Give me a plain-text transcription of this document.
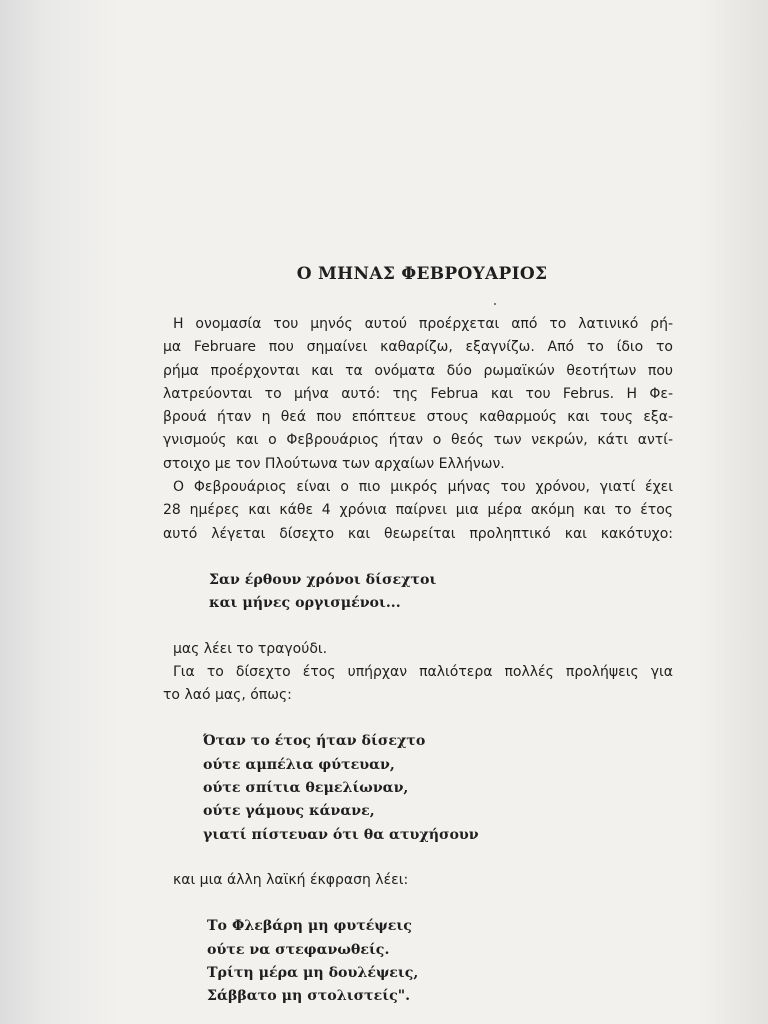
Ο ΜΗΝΑΣ ΦΕΒΡΟΥΑΡΙΟΣ

Η ονομασία του μηνός αυτού προέρχεται από το λατινικό ρή-
μα Februare που σημαίνει καθαρίζω, εξαγνίζω. Από το ίδιο το
ρήμα προέρχονται και τα ονόματα δύο ρωμαϊκών θεοτήτων που
λατρεύονται το μήνα αυτό: της Februa και του Februs. Η Φε-
βρουά ήταν η θεά που επόπτευε στους καθαρμούς και τους εξα-
γνισμούς και ο Φεβρουάριος ήταν ο θεός των νεκρών, κάτι αντί-
στοιχο με τον Πλούτωνα των αρχαίων Ελλήνων.

Ο Φεβρουάριος είναι ο πιο μικρός μήνας του χρόνου, γιατί έχει
28 ημέρες και κάθε 4 χρόνια παίρνει μια μέρα ακόμη και το έτος
αυτό λέγεται δίσεχτο και θεωρείται προληπτικό και κακότυχο:

Σαν έρθουν χρόνοι δίσεχτοι
και μήνες οργισμένοι...

μας λέει το τραγούδι.
Για το δίσεχτο έτος υπήρχαν παλιότερα πολλές προλήψεις για
το λαό μας, όπως:

Όταν το έτος ήταν δίσεχτο
ούτε αμπέλια φύτευαν,
ούτε σπίτια θεμελίωναν,
ούτε γάμους κάνανε,
γιατί πίστευαν ότι θα ατυχήσουν

και μια άλλη λαϊκή έκφραση λέει:

Το Φλεβάρη μη φυτέψεις
ούτε να στεφανωθείς.
Τρίτη μέρα μη δουλέψεις,
Σάββατο μη στολιστείς".
